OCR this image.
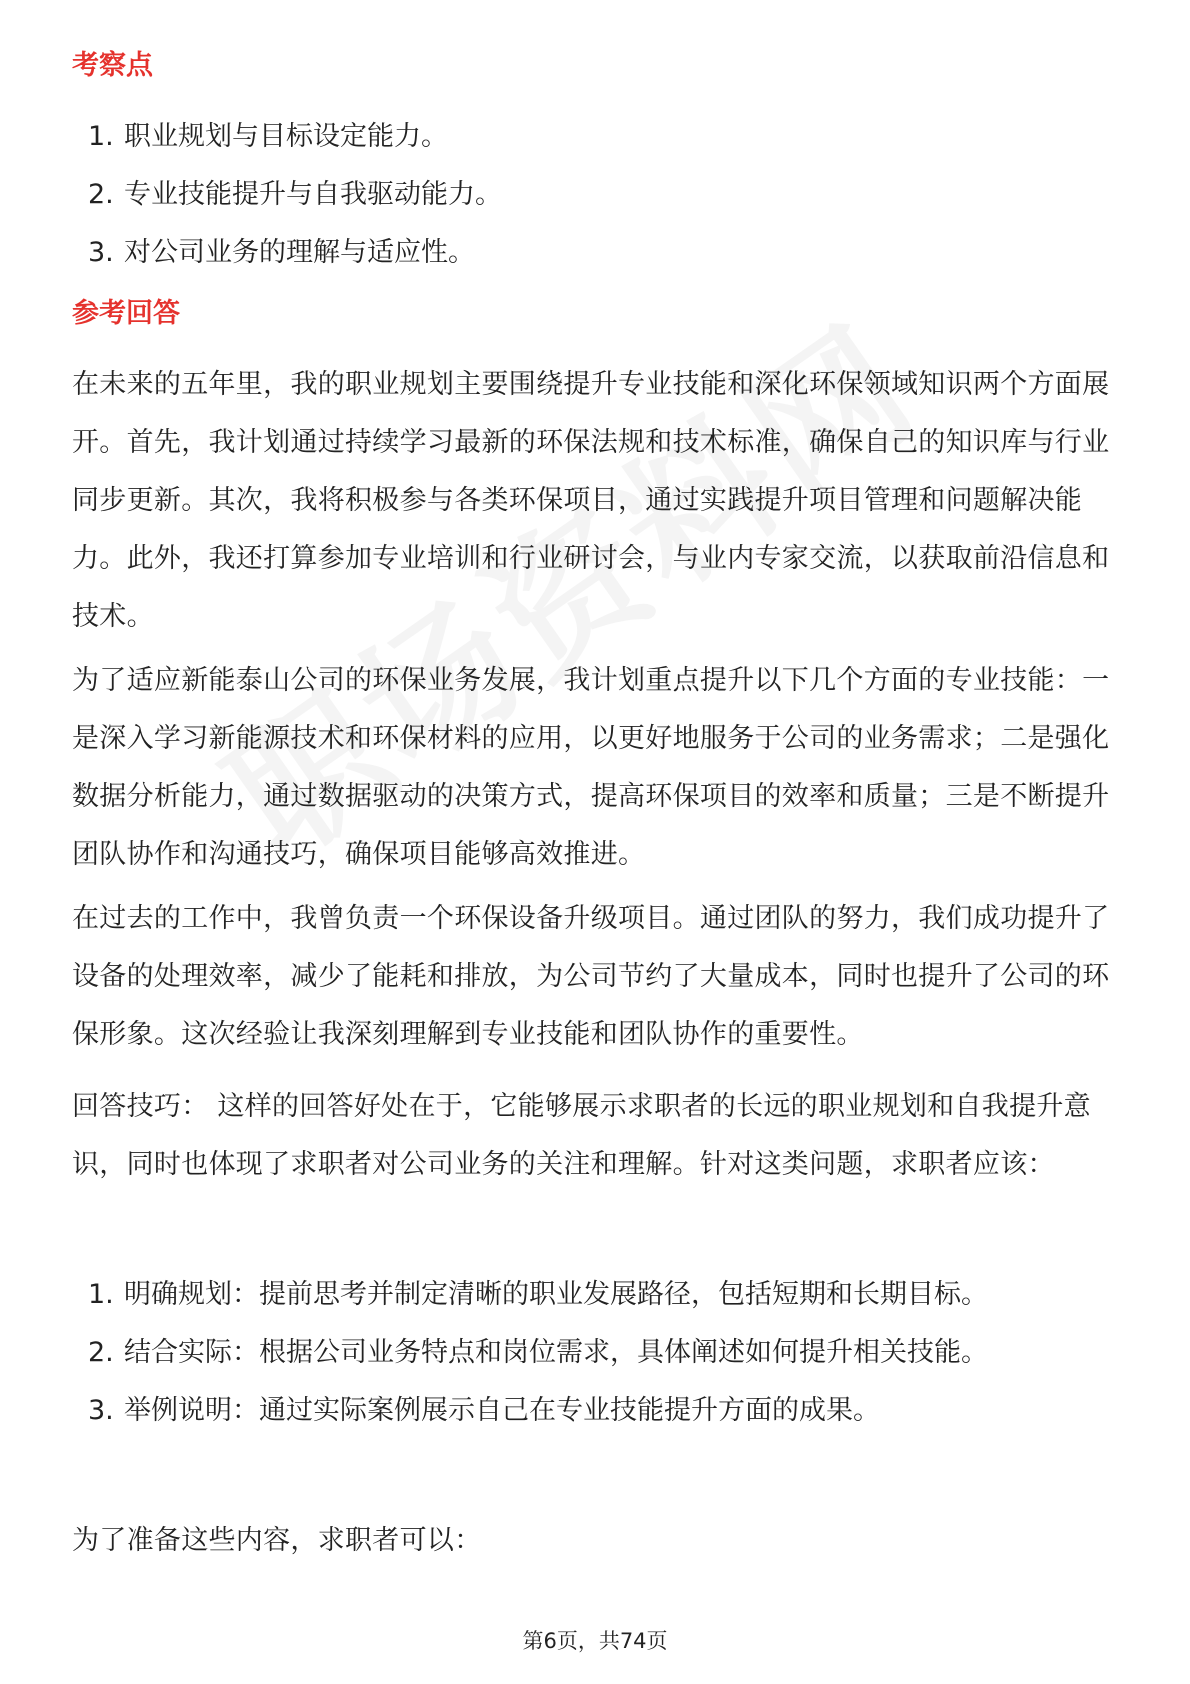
考察点
1. 职业规划与目标设定能力。
2. 专业技能提升与自我驱动能力。
3. 对公司业务的理解与适应性。
参考回答

在未来的五年里，我的职业规划主要围绕提升专业技能和深化环保领域知识两个方面展开。首先，我计划通过持续学习最新的环保法规和技术标准，确保自己的知识库与行业同步更新。其次，我将积极参与各类环保项目，通过实践提升项目管理和问题解决能力。此外，我还打算参加专业培训和行业研讨会，与业内专家交流，以获取前沿信息和技术。

为了适应新能泰山公司的环保业务发展，我计划重点提升以下几个方面的专业技能：一是深入学习新能源技术和环保材料的应用，以更好地服务于公司的业务需求；二是强化数据分析能力，通过数据驱动的决策方式，提高环保项目的效率和质量；三是不断提升团队协作和沟通技巧，确保项目能够高效推进。

在过去的工作中，我曾负责一个环保设备升级项目。通过团队的努力，我们成功提升了设备的处理效率，减少了能耗和排放，为公司节约了大量成本，同时也提升了公司的环保形象。这次经验让我深刻理解到专业技能和团队协作的重要性。

回答技巧： 这样的回答好处在于，它能够展示求职者的长远的职业规划和自我提升意识，同时也体现了求职者对公司业务的关注和理解。针对这类问题，求职者应该：

1. 明确规划：提前思考并制定清晰的职业发展路径，包括短期和长期目标。
2. 结合实际：根据公司业务特点和岗位需求，具体阐述如何提升相关技能。
3. 举例说明：通过实际案例展示自己在专业技能提升方面的成果。

为了准备这些内容，求职者可以：

第6页，共74页
